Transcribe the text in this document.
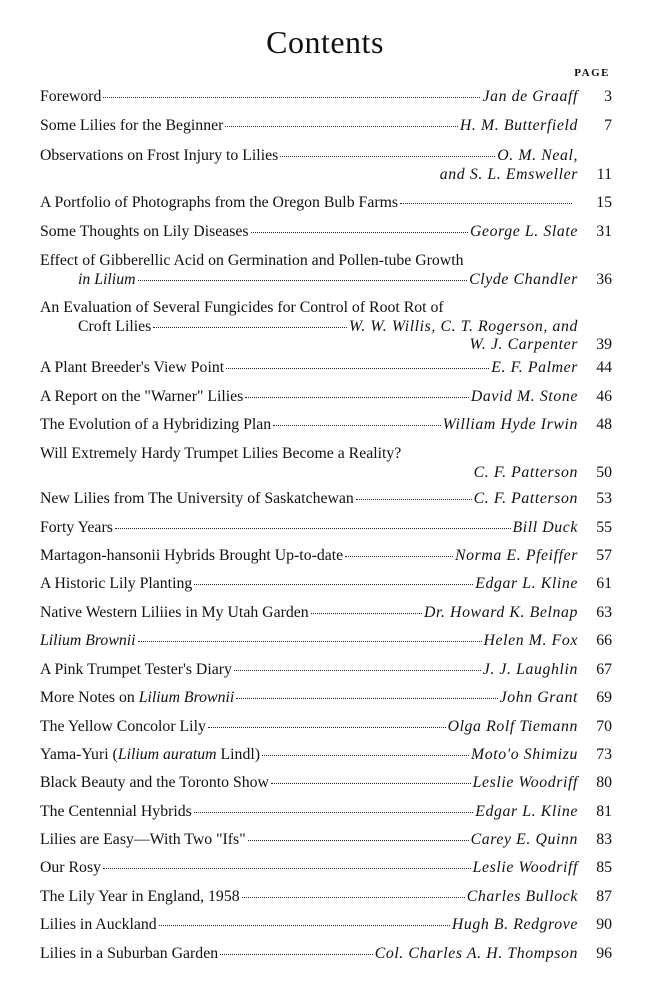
Contents
PAGE
Foreword	Jan de Graaff	3
Some Lilies for the Beginner	H. M. Butterfield	7
Observations on Frost Injury to Lilies	O. M. Neal,
and S. L. Emsweller	11
A Portfolio of Photographs from the Oregon Bulb Farms	15
Some Thoughts on Lily Diseases	George L. Slate	31
Effect of Gibberellic Acid on Germination and Pollen-tube Growth
in Lilium	Clyde Chandler	36
An Evaluation of Several Fungicides for Control of Root Rot of
Croft Lilies	W. W. Willis, C. T. Rogerson, and
W. J. Carpenter	39
A Plant Breeder's View Point	E. F. Palmer	44
A Report on the "Warner" Lilies	David M. Stone	46
The Evolution of a Hybridizing Plan	William Hyde Irwin	48
Will Extremely Hardy Trumpet Lilies Become a Reality?
C. F. Patterson	50
New Lilies from The University of Saskatchewan	C. F. Patterson	53
Forty Years	Bill Duck	55
Martagon-hansonii Hybrids Brought Up-to-date	Norma E. Pfeiffer	57
A Historic Lily Planting	Edgar L. Kline	61
Native Western Liliies in My Utah Garden	Dr. Howard K. Belnap	63
Lilium Brownii	Helen M. Fox	66
A Pink Trumpet Tester's Diary	J. J. Laughlin	67
More Notes on Lilium Brownii	John Grant	69
The Yellow Concolor Lily	Olga Rolf Tiemann	70
Yama-Yuri (Lilium auratum Lindl)	Moto'o Shimizu	73
Black Beauty and the Toronto Show	Leslie Woodriff	80
The Centennial Hybrids	Edgar L. Kline	81
Lilies are Easy—With Two "Ifs"	Carey E. Quinn	83
Our Rosy	Leslie Woodriff	85
The Lily Year in England, 1958	Charles Bullock	87
Lilies in Auckland	Hugh B. Redgrove	90
Lilies in a Suburban Garden	Col. Charles A. H. Thompson	96
